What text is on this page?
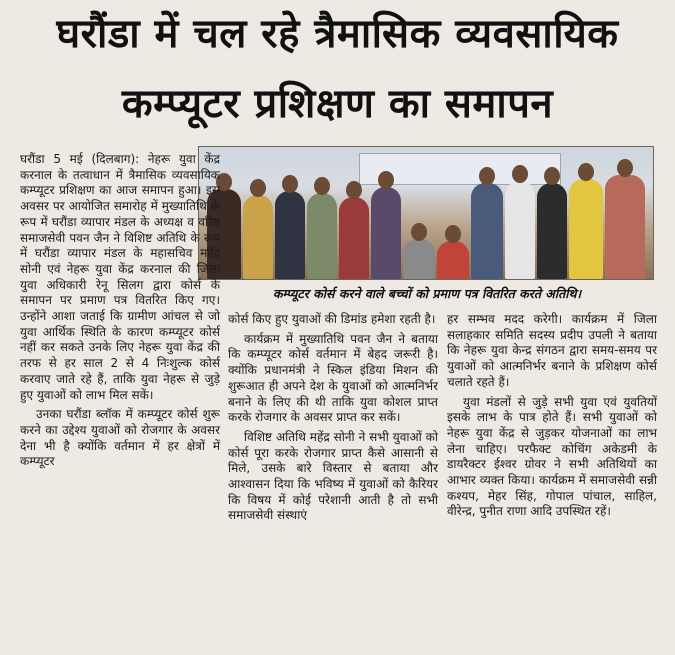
घरौंडा में चल रहे त्रैमासिक व्यवसायिक
कम्प्यूटर प्रशिक्षण का समापन
कम्प्यूटर कोर्स करने वाले बच्चों को प्रमाण पत्र वितरित करते अतिथि।

घरौंडा 5 मई (दिलबाग): नेहरू युवा केंद्र करनाल के तत्वाधान में त्रैमासिक व्यवसायिक कम्प्यूटर प्रशिक्षण का आज समापन हुआ। इस अवसर पर आयोजित समारोह में मुख्यातिथि के रूप में घरौंडा व्यापार मंडल के अध्यक्ष व वरिष्ठ समाजसेवी पवन जैन ने विशिष्ट अतिथि के रूप में घरौंडा व्यापार मंडल के महासचिव महेंद्र सोनी एवं नेहरू युवा केंद्र करनाल की जिला युवा अधिकारी रेनू सिलग द्वारा कोर्स के समापन पर प्रमाण पत्र वितरित किए गए। उन्होंने आशा जताई कि ग्रामीण आंचल से जो युवा आर्थिक स्थिति के कारण कम्प्यूटर कोर्स नहीं कर सकते उनके लिए नेहरू युवा केंद्र की तरफ से हर साल 2 से 4 निःशुल्क कोर्स करवाए जाते रहे हैं, ताकि युवा नेहरू से जुड़े हुए युवाओं को लाभ मिल सकें।

उनका घरौंडा ब्लॉक में कम्प्यूटर कोर्स शुरू करने का उद्देश्य युवाओं को रोजगार के अवसर देना भी है क्योंकि वर्तमान में हर क्षेत्रों में कम्प्यूटर

कोर्स किए हुए युवाओं की डिमांड हमेशा रहती है।

कार्यक्रम में मुख्यातिथि पवन जैन ने बताया कि कम्प्यूटर कोर्स वर्तमान में बेहद जरूरी है। क्योंकि प्रधानमंत्री ने स्किल इंडिया मिशन की शुरूआत ही अपने देश के युवाओं को आत्मनिर्भर बनाने के लिए की थी ताकि युवा कोशल प्राप्त करके रोजगार के अवसर प्राप्त कर सकें।

विशिष्ट अतिथि महेंद्र सोनी ने सभी युवाओं को कोर्स पूरा करके रोजगार प्राप्त कैसे आसानी से मिले, उसके बारे विस्तार से बताया और आश्वासन दिया कि भविष्य में युवाओं को कैरियर कि विषय में कोई परेशानी आती है तो सभी समाजसेवी संस्थाएं

हर सम्भव मदद करेगी। कार्यक्रम में जिला सलाहकार समिति सदस्य प्रदीप उपली ने बताया कि नेहरू युवा केन्द्र संगठन द्वारा समय-समय पर युवाओं को आत्मनिर्भर बनाने के प्रशिक्षण कोर्स चलाते रहते हैं।

युवा मंडलों से जुड़े सभी युवा एवं युवतियों इसके लाभ के पात्र होते हैं। सभी युवाओं को नेहरू युवा केंद्र से जुड़कर योजनाओं का लाभ लेना चाहिए। परफैक्ट कोचिंग अकेडमी के डायरैक्टर ईश्वर ग्रोवर ने सभी अतिथियों का आभार व्यक्त किया। कार्यक्रम में समाजसेवी सन्नी कश्यप, मेहर सिंह, गोपाल पांचाल, साहिल, वीरेन्द्र, पुनीत राणा आदि उपस्थित रहें।
